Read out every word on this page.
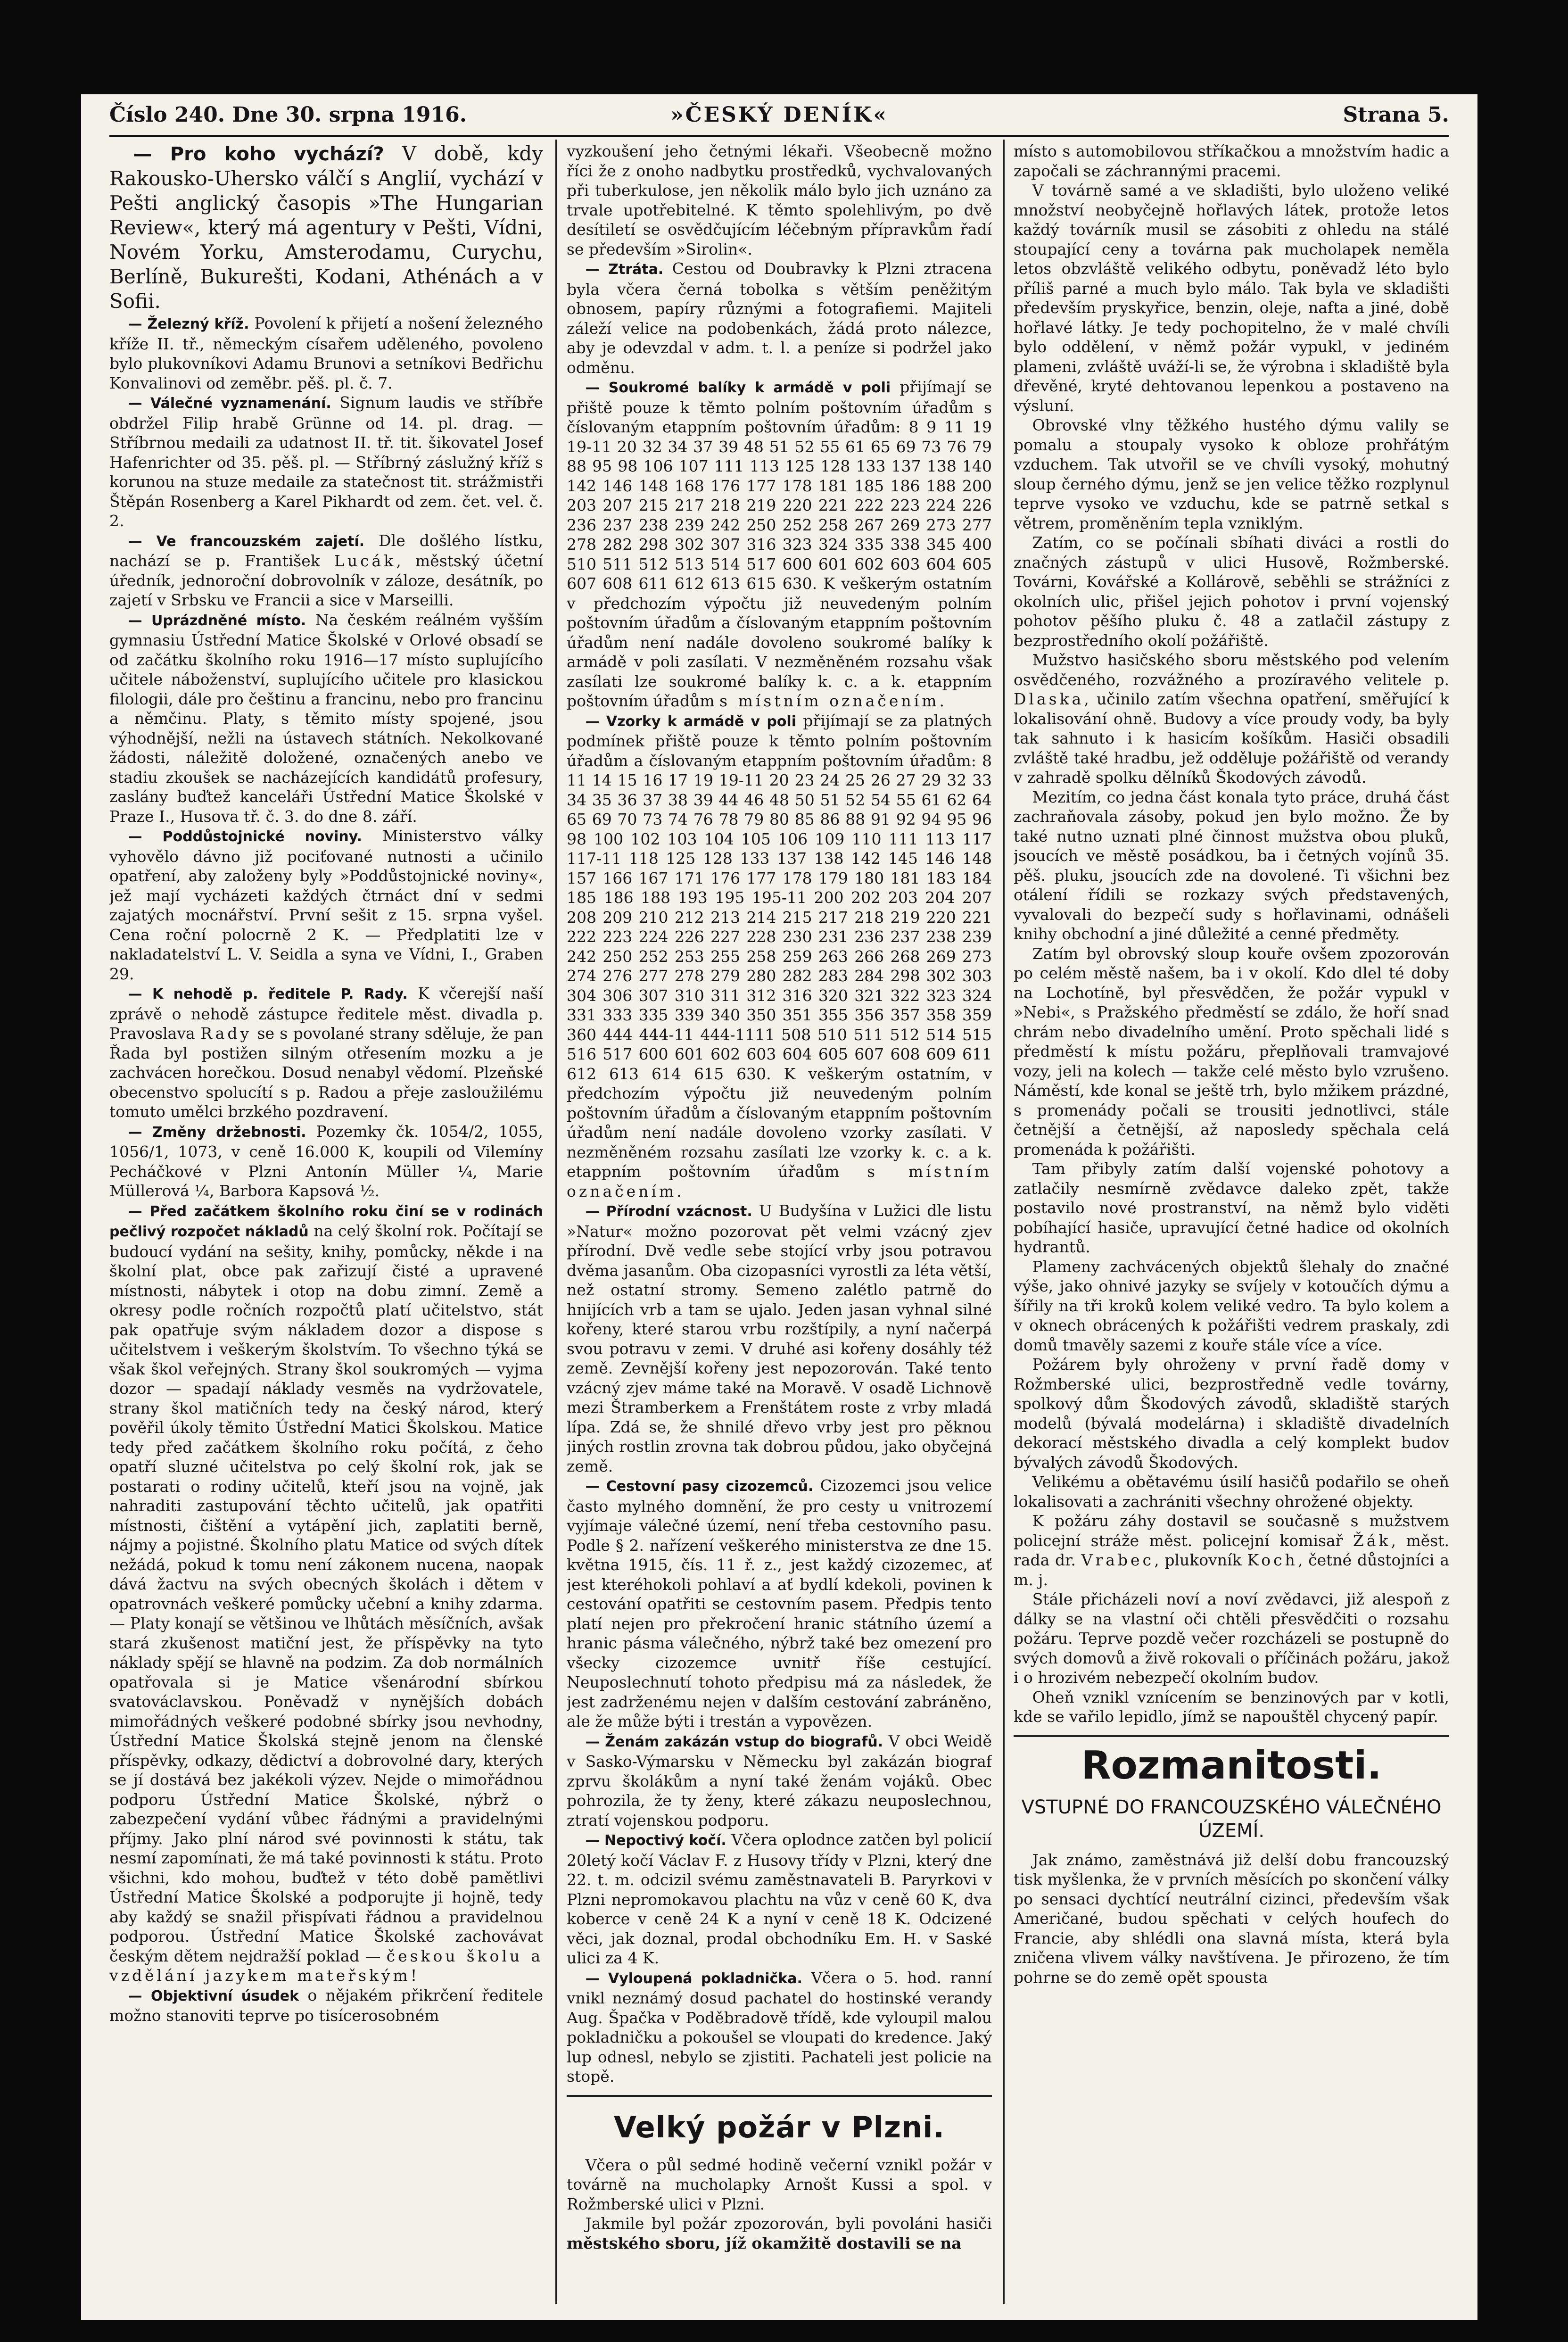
Číslo 240. Dne 30. srpna 1916.	»ČESKÝ DENÍK«	Strana 5.

— Pro koho vychází? V době, kdy Rakousko-Uhersko válčí s Anglií, vychází v Pešti anglický časopis »The Hungarian Review«, který má agentury v Pešti, Vídni, Novém Yorku, Amsterodamu, Curychu, Berlíně, Bukurešti, Kodani, Athénách a v Sofii.

— Železný kříž. Povolení k přijetí a nošení železného kříže II. tř., německým císařem uděleného, povoleno bylo plukovníkovi Adamu Brunovi a setníkovi Bedřichu Konvalinovi od zeměbr. pěš. pl. č. 7.

— Válečné vyznamenání. Signum laudis ve stříbře obdržel Filip hrabě Grünne od 14. pl. drag. — Stříbrnou medaili za udatnost II. tř. tit. šikovatel Josef Hafenrichter od 35. pěš. pl. — Stříbrný záslužný kříž s korunou na stuze medaile za statečnost tit. strážmistři Štěpán Rosenberg a Karel Pikhardt od zem. čet. vel. č. 2.

— Ve francouzském zajetí. Dle došlého lístku, nachází se p. František Lucák, městský účetní úředník, jednoroční dobrovolník v záloze, desátník, po zajetí v Srbsku ve Francii a sice v Marseilli.

— Uprázdněné místo. Na českém reálném vyšším gymnasiu Ústřední Matice Školské v Orlové obsadí se od začátku školního roku 1916—17 místo suplujícího učitele náboženství, suplujícího učitele pro klasickou filologii, dále pro češtinu a francinu, nebo pro francinu a němčinu. Platy, s těmito místy spojené, jsou výhodnější, nežli na ústavech státních. Nekolkované žádosti, náležitě doložené, označených anebo ve stadiu zkoušek se nacházejících kandidátů profesury, zaslány buďtež kanceláři Ústřední Matice Školské v Praze I., Husova tř. č. 3. do dne 8. září.

— Poddůstojnické noviny. Ministerstvo války vyhovělo dávno již pociťované nutnosti a učinilo opatření, aby založeny byly »Poddůstojnické noviny«, jež mají vycházeti každých čtrnáct dní v sedmi zajatých mocnářství. První sešit z 15. srpna vyšel. Cena roční polocrně 2 K. — Předplatiti lze v nakladatelství L. V. Seidla a syna ve Vídni, I., Graben 29.

— K nehodě p. ředitele P. Rady. K včerejší naší zprávě o nehodě zástupce ředitele měst. divadla p. Pravoslava Rady se s povolané strany sděluje, že pan Řada byl postižen silným otřesením mozku a je zachvácen horečkou. Dosud nenabyl vědomí. Plzeňské obecenstvo spolucítí s p. Radou a přeje zasloužilému tomuto umělci brzkého pozdravení.

— Změny držebnosti. Pozemky čk. 1054/2, 1055, 1056/1, 1073, v ceně 16.000 K, koupili od Vilemíny Pecháčkové v Plzni Antonín Müller ¼, Marie Müllerová ¼, Barbora Kapsová ½.

— Před začátkem školního roku činí se v rodinách pečlivý rozpočet nákladů na celý školní rok. Počítají se budoucí vydání na sešity, knihy, pomůcky, někde i na školní plat, obce pak zařizují čisté a upravené místnosti, nábytek i otop na dobu zimní. Země a okresy podle ročních rozpočtů platí učitelstvo, stát pak opatřuje svým nákladem dozor a dispose s učitelstvem i veškerým školstvím. To všechno týká se však škol veřejných. Strany škol soukromých — vyjma dozor — spadají náklady vesměs na vydržovatele, strany škol matičních tedy na český národ, který pověřil úkoly těmito Ústřední Matici Školskou. Matice tedy před začátkem školního roku počítá, z čeho opatří sluzné učitelstva po celý školní rok, jak se postarati o rodiny učitelů, kteří jsou na vojně, jak nahraditi zastupování těchto učitelů, jak opatřiti místnosti, čištění a vytápění jich, zaplatiti berně, nájmy a pojistné. Školního platu Matice od svých dítek nežádá, pokud k tomu není zákonem nucena, naopak dává žactvu na svých obecných školách i dětem v opatrovnách veškeré pomůcky učební a knihy zdarma. — Platy konají se většinou ve lhůtách měsíčních, avšak stará zkušenost matiční jest, že příspěvky na tyto náklady spějí se hlavně na podzim. Za dob normálních opatřovala si je Matice všenárodní sbírkou svatováclavskou. Poněvadž v nynějších dobách mimořádných veškeré podobné sbírky jsou nevhodny, Ústřední Matice Školská stejně jenom na členské příspěvky, odkazy, dědictví a dobrovolné dary, kterých se jí dostává bez jakékoli výzev. Nejde o mimořádnou podporu Ústřední Matice Školské, nýbrž o zabezpečení vydání vůbec řádnými a pravidelnými příjmy. Jako plní národ své povinnosti k státu, tak nesmí zapomínati, že má také povinnosti k státu. Proto všichni, kdo mohou, buďtež v této době pamětlivi Ústřední Matice Školské a podporujte ji hojně, tedy aby každý se snažil přispívati řádnou a pravidelnou podporou. Ústřední Matice Školské zachovávat českým dětem nejdražší poklad — českou školu a vzdělání jazykem mateřským!

— Objektivní úsudek o nějakém přikrčení ředitele možno stanoviti teprve po tisícerosobném

vyzkoušení jeho četnými lékaři. Všeobecně možno říci že z onoho nadbytku prostředků, vychvalovaných při tuberkulose, jen několik málo bylo jich uznáno za trvale upotřebitelné. K těmto spolehlivým, po dvě desítiletí se osvědčujícím léčebným přípravkům řadí se především »Sirolin«.

— Ztráta. Cestou od Doubravky k Plzni ztracena byla včera černá tobolka s větším peněžitým obnosem, papíry různými a fotografiemi. Majiteli záleží velice na podobenkách, žádá proto nálezce, aby je odevzdal v adm. t. l. a peníze si podržel jako odměnu.

— Soukromé balíky k armádě v poli přijímají se přiště pouze k těmto polním poštovním úřadům s číslovaným etappním poštovním úřadům: 8 9 11 19 19-11 20 32 34 37 39 48 51 52 55 61 65 69 73 76 79 88 95 98 106 107 111 113 125 128 133 137 138 140 142 146 148 168 176 177 178 181 185 186 188 200 203 207 215 217 218 219 220 221 222 223 224 226 236 237 238 239 242 250 252 258 267 269 273 277 278 282 298 302 307 316 323 324 335 338 345 400 510 511 512 513 514 517 600 601 602 603 604 605 607 608 611 612 613 615 630. K veškerým ostatním v předchozím výpočtu již neuvedeným polním poštovním úřadům a číslovaným etappním poštovním úřadům není nadále dovoleno soukromé balíky k armádě v poli zasílati. V nezměněném rozsahu však zasílati lze soukromé balíky k. c. a k. etappním poštovním úřadům s místním označením.

— Vzorky k armádě v poli přijímají se za platných podmínek přiště pouze k těmto polním poštovním úřadům a číslovaným etappním poštovním úřadům: 8 11 14 15 16 17 19 19-11 20 23 24 25 26 27 29 32 33 34 35 36 37 38 39 44 46 48 50 51 52 54 55 61 62 64 65 69 70 73 74 76 78 79 80 85 86 88 91 92 94 95 96 98 100 102 103 104 105 106 109 110 111 113 117 117-11 118 125 128 133 137 138 142 145 146 148 157 166 167 171 176 177 178 179 180 181 183 184 185 186 188 193 195 195-11 200 202 203 204 207 208 209 210 212 213 214 215 217 218 219 220 221 222 223 224 226 227 228 230 231 236 237 238 239 242 250 252 253 255 258 259 263 266 268 269 273 274 276 277 278 279 280 282 283 284 298 302 303 304 306 307 310 311 312 316 320 321 322 323 324 331 333 335 339 340 350 351 355 356 357 358 359 360 444 444-11 444-1111 508 510 511 512 514 515 516 517 600 601 602 603 604 605 607 608 609 611 612 613 614 615 630. K veškerým ostatním, v předchozím výpočtu již neuvedeným polním poštovním úřadům a číslovaným etappním poštovním úřadům není nadále dovoleno vzorky zasílati. V nezměněném rozsahu zasílati lze vzorky k. c. a k. etappním poštovním úřadům s místním označením.

— Přírodní vzácnost. U Budyšína v Lužici dle listu »Natur« možno pozorovat pět velmi vzácný zjev přírodní. Dvě vedle sebe stojící vrby jsou potravou dvěma jasanům. Oba cizopasníci vyrostli za léta větší, než ostatní stromy. Semeno zalétlo patrně do hnijících vrb a tam se ujalo. Jeden jasan vyhnal silné kořeny, které starou vrbu rozštípily, a nyní načerpá svou potravu v zemi. V druhé asi kořeny dosáhly též země. Zevnější kořeny jest nepozorován. Také tento vzácný zjev máme také na Moravě. V osadě Lichnově mezi Štramberkem a Frenštátem roste z vrby mladá lípa. Zdá se, že shnilé dřevo vrby jest pro pěknou jiných rostlin zrovna tak dobrou půdou, jako obyčejná země.

— Cestovní pasy cizozemců. Cizozemci jsou velice často mylného domnění, že pro cesty u vnitrozemí vyjímaje válečné území, není třeba cestovního pasu. Podle § 2. nařízení veškerého ministerstva ze dne 15. května 1915, čís. 11 ř. z., jest každý cizozemec, ať jest kteréhokoli pohlaví a ať bydlí kdekoli, povinen k cestování opatřiti se cestovním pasem. Předpis tento platí nejen pro překročení hranic státního území a hranic pásma válečného, nýbrž také bez omezení pro všecky cizozemce uvnitř říše cestující. Neuposlechnutí tohoto předpisu má za následek, že jest zadrženému nejen v dalším cestování zabráněno, ale že může býti i trestán a vypovězen.

— Ženám zakázán vstup do biografů. V obci Weidě v Sasko-Výmarsku v Německu byl zakázán biograf zprvu školákům a nyní také ženám vojáků. Obec pohrozila, že ty ženy, které zákazu neuposlechnou, ztratí vojenskou podporu.

— Nepoctivý kočí. Včera oplodnce zatčen byl policií 20letý kočí Václav F. z Husovy třídy v Plzni, který dne 22. t. m. odcizil svému zaměstnavateli B. Paryrkovi v Plzni nepromokavou plachtu na vůz v ceně 60 K, dva koberce v ceně 24 K a nyní v ceně 18 K. Odcizené věci, jak doznal, prodal obchodníku Em. H. v Saské ulici za 4 K.

— Vyloupená pokladnička. Včera o 5. hod. ranní vnikl neznámý dosud pachatel do hostinské verandy Aug. Špačka v Poděbradově třídě, kde vyloupil malou pokladničku a pokoušel se vloupati do kredence. Jaký lup odnesl, nebylo se zjistiti. Pachateli jest policie na stopě.

Velký požár v Plzni.

Včera o půl sedmé hodině večerní vznikl požár v továrně na mucholapky Arnošt Kussi a spol. v Rožmberské ulici v Plzni.

Jakmile byl požár zpozorován, byli povoláni hasiči městského sboru, jíž okamžitě dostavili se na

místo s automobilovou stříkačkou a množstvím hadic a započali se záchrannými pracemi.

V továrně samé a ve skladišti, bylo uloženo veliké množství neobyčejně hořlavých látek, protože letos každý továrník musil se zásobiti z ohledu na stálé stoupající ceny a továrna pak mucholapek neměla letos obzvláště velikého odbytu, poněvadž léto bylo příliš parné a much bylo málo. Tak byla ve skladišti především pryskyřice, benzin, oleje, nafta a jiné, době hořlavé látky. Je tedy pochopitelno, že v malé chvíli bylo oddělení, v němž požár vypukl, v jediném plameni, zvláště uváží-li se, že výrobna i skladiště byla dřevěné, kryté dehtovanou lepenkou a postaveno na výsluní.

Obrovské vlny těžkého hustého dýmu valily se pomalu a stoupaly vysoko k obloze prohřátým vzduchem. Tak utvořil se ve chvíli vysoký, mohutný sloup černého dýmu, jenž se jen velice těžko rozplynul teprve vysoko ve vzduchu, kde se patrně setkal s větrem, proměněním tepla vzniklým.

Zatím, co se počínali sbíhati diváci a rostli do značných zástupů v ulici Husově, Rožmberské. Továrni, Kovářské a Kollárově, seběhli se strážníci z okolních ulic, přišel jejich pohotov i první vojenský pohotov pěšího pluku č. 48 a zatlačil zástupy z bezprostředního okolí požářiště.

Mužstvo hasičského sboru městského pod velením osvědčeného, rozvážného a prozíravého velitele p. Dlaska, učinilo zatím všechna opatření, směřující k lokalisování ohně. Budovy a více proudy vody, ba byly tak sahnuto i k hasicím košíkům. Hasiči obsadili zvláště také hradbu, jež odděluje požářiště od verandy v zahradě spolku dělníků Škodových závodů.

Mezitím, co jedna část konala tyto práce, druhá část zachraňovala zásoby, pokud jen bylo možno. Že by také nutno uznati plné činnost mužstva obou pluků, jsoucích ve městě posádkou, ba i četných vojínů 35. pěš. pluku, jsoucích zde na dovolené. Ti všichni bez otálení řídili se rozkazy svých představených, vyvalovali do bezpečí sudy s hořlavinami, odnášeli knihy obchodní a jiné důležité a cenné předměty.

Zatím byl obrovský sloup kouře ovšem zpozorován po celém městě našem, ba i v okolí. Kdo dlel té doby na Lochotíně, byl přesvědčen, že požár vypukl v »Nebi«, s Pražského předměstí se zdálo, že hoří snad chrám nebo divadelního umění. Proto spěchali lidé s předměstí k místu požáru, přeplňovali tramvajové vozy, jeli na kolech — takže celé město bylo vzrušeno. Náměstí, kde konal se ještě trh, bylo mžikem prázdné, s promenády počali se trousiti jednotlivci, stále četnější a četnější, až naposledy spěchala celá promenáda k požářišti.

Tam přibyly zatím další vojenské pohotovy a zatlačily nesmírně zvědavce daleko zpět, takže postavilo nové prostranství, na němž bylo viděti pobíhající hasiče, upravující četné hadice od okolních hydrantů.

Plameny zachvácených objektů šlehaly do značné výše, jako ohnivé jazyky se svíjely v kotoučích dýmu a šířily na tři kroků kolem veliké vedro. Ta bylo kolem a v oknech obrácených k požářišti vedrem praskaly, zdi domů tmavěly sazemi z kouře stále více a více.

Požárem byly ohroženy v první řadě domy v Rožmberské ulici, bezprostředně vedle továrny, spolkový dům Škodových závodů, skladiště starých modelů (bývalá modelárna) i skladiště divadelních dekorací městského divadla a celý komplekt budov bývalých závodů Škodových.

Velikému a obětavému úsilí hasičů podařilo se oheň lokalisovati a zachrániti všechny ohrožené objekty.

K požáru záhy dostavil se současně s mužstvem policejní stráže měst. policejní komisař Žák, měst. rada dr. Vrabec, plukovník Koch, četné důstojníci a m. j.

Stále přicházeli noví a noví zvědavci, již alespoň z dálky se na vlastní oči chtěli přesvědčiti o rozsahu požáru. Teprve pozdě večer rozcházeli se postupně do svých domovů a živě rokovali o příčinách požáru, jakož i o hrozivém nebezpečí okolním budov.

Oheň vznikl vznícením se benzinových par v kotli, kde se vařilo lepidlo, jímž se napouštěl chycený papír.

Rozmanitosti.
VSTUPNÉ DO FRANCOUZSKÉHO VÁLEČNÉHO ÚZEMÍ.

Jak známo, zaměstnává již delší dobu francouzský tisk myšlenka, že v prvních měsících po skončení války po sensaci dychtící neutrální cizinci, především však Američané, budou spěchati v celých houfech do Francie, aby shlédli ona slavná místa, která byla zničena vlivem války navštívena. Je přirozeno, že tím pohrne se do země opět spousta
